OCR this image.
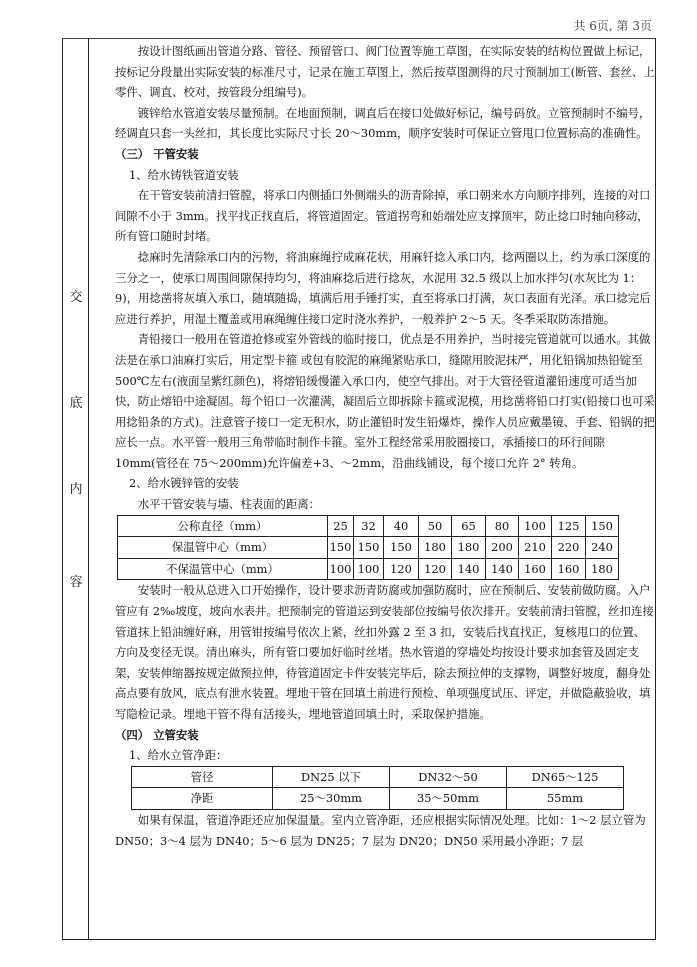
共 6页, 第 3页
交
底
内
容

按设计图纸画出管道分路、管径、预留管口、阀门位置等施工草图，在实际安装的结构位置做上标记，按标记分段量出实际安装的标准尺寸，记录在施工草图上，然后按草图测得的尺寸预制加工(断管、套丝、上零件、调直、校对，按管段分组编号)。

镀锌给水管道安装尽量预制。在地面预制，调直后在接口处做好标记，编号码放。立管预制时不编号，经调直只套一头丝扣，其长度比实际尺寸长 20～30mm，顺序安装时可保证立管甩口位置标高的准确性。

（三） 干管安装

1、给水铸铁管道安装

在干管安装前清扫管膛，将承口内侧插口外侧端头的沥青除掉，承口朝来水方向顺序排列，连接的对口间隙不小于 3mm。找平找正找直后，将管道固定。管道拐弯和始端处应支撑顶牢，防止捻口时轴向移动，所有管口随时封堵。

捻麻时先清除承口内的污物，将油麻绳拧成麻花状，用麻钎捻入承口内，捻两圈以上，约为承口深度的三分之一，使承口周围间隙保持均匀，将油麻捻后进行捻灰，水泥用 32.5 级以上加水拌匀(水灰比为 1：9)，用捻凿将灰填入承口，随填随捣，填满后用手锤打实，直至将承口打满，灰口表面有光泽。承口捻完后应进行养护，用湿土覆盖或用麻绳缠住接口定时浇水养护，一般养护 2～5 天。冬季采取防冻措施。

青铅接口一般用在管道抢修或室外管线的临时接口，优点是不用养护，当时接完管道就可以通水。其做法是在承口油麻打实后，用定型卡箍 或包有胶泥的麻绳紧贴承口，缝隙用胶泥抹严，用化铅锅加热铅锭至 500℃左右(液面呈紫红颜色)，将熔铅缓慢灌入承口内，使空气排出。对于大管径管道灌铅速度可适当加快，防止熔铅中途凝固。每个铅口一次灌满，凝固后立即拆除卡箍或泥模，用捻凿将铅口打实(铅接口也可采用捻铅条的方式)。注意管子接口一定无积水，防止灌铅时发生铅爆炸，操作人员应戴墨镜、手套、铅锅的把应长一点。水平管一般用三角带临时制作卡箍。室外工程经常采用胶圈接口，承插接口的环行间隙 10mm(管径在 75～200mm)允许偏差+3、～2mm，沿曲线铺设，每个接口允许 2° 转角。

2、给水镀锌管的安装

水平干管安装与墙、柱表面的距离：

公称直径（mm）	25	32	40	50	65	80	100	125	150
保温管中心（mm）	150	150	150	180	180	200	210	220	240
不保温管中心（mm）	100	100	120	120	140	140	160	160	180

安装时一般从总进入口开始操作，设计要求沥青防腐或加强防腐时，应在预制后、安装前做防腐。入户管应有 2‰坡度，坡向水表井。把预制完的管道运到安装部位按编号依次排开。安装前清扫管膛，丝扣连接管道抹上铅油缠好麻，用管钳按编号依次上紧，丝扣外露 2 至 3 扣，安装后找直找正，复核甩口的位置、方向及变径无误。清出麻头，所有管口要加好临时丝堵。热水管道的穿墙处均按设计要求加套管及固定支架，安装伸缩器按规定做预拉伸，待管道固定卡件安装完毕后，除去预拉伸的支撑物，调整好坡度，翻身处高点要有放风，底点有泄水装置。埋地干管在回填土前进行预检、单项强度试压、评定，并做隐蔽验收，填写隐检记录。埋地干管不得有活接头，埋地管道回填土时，采取保护措施。

（四） 立管安装

1、给水立管净距：

管径	DN25 以下	DN32～50	DN65～125
净距	25～30mm	35～50mm	55mm

如果有保温，管道净距还应加保温量。室内立管净距，还应根据实际情况处理。比如：1～2 层立管为 DN50；3～4 层为 DN40；5～6 层为 DN25；7 层为 DN20；DN50 采用最小净距；7 层
